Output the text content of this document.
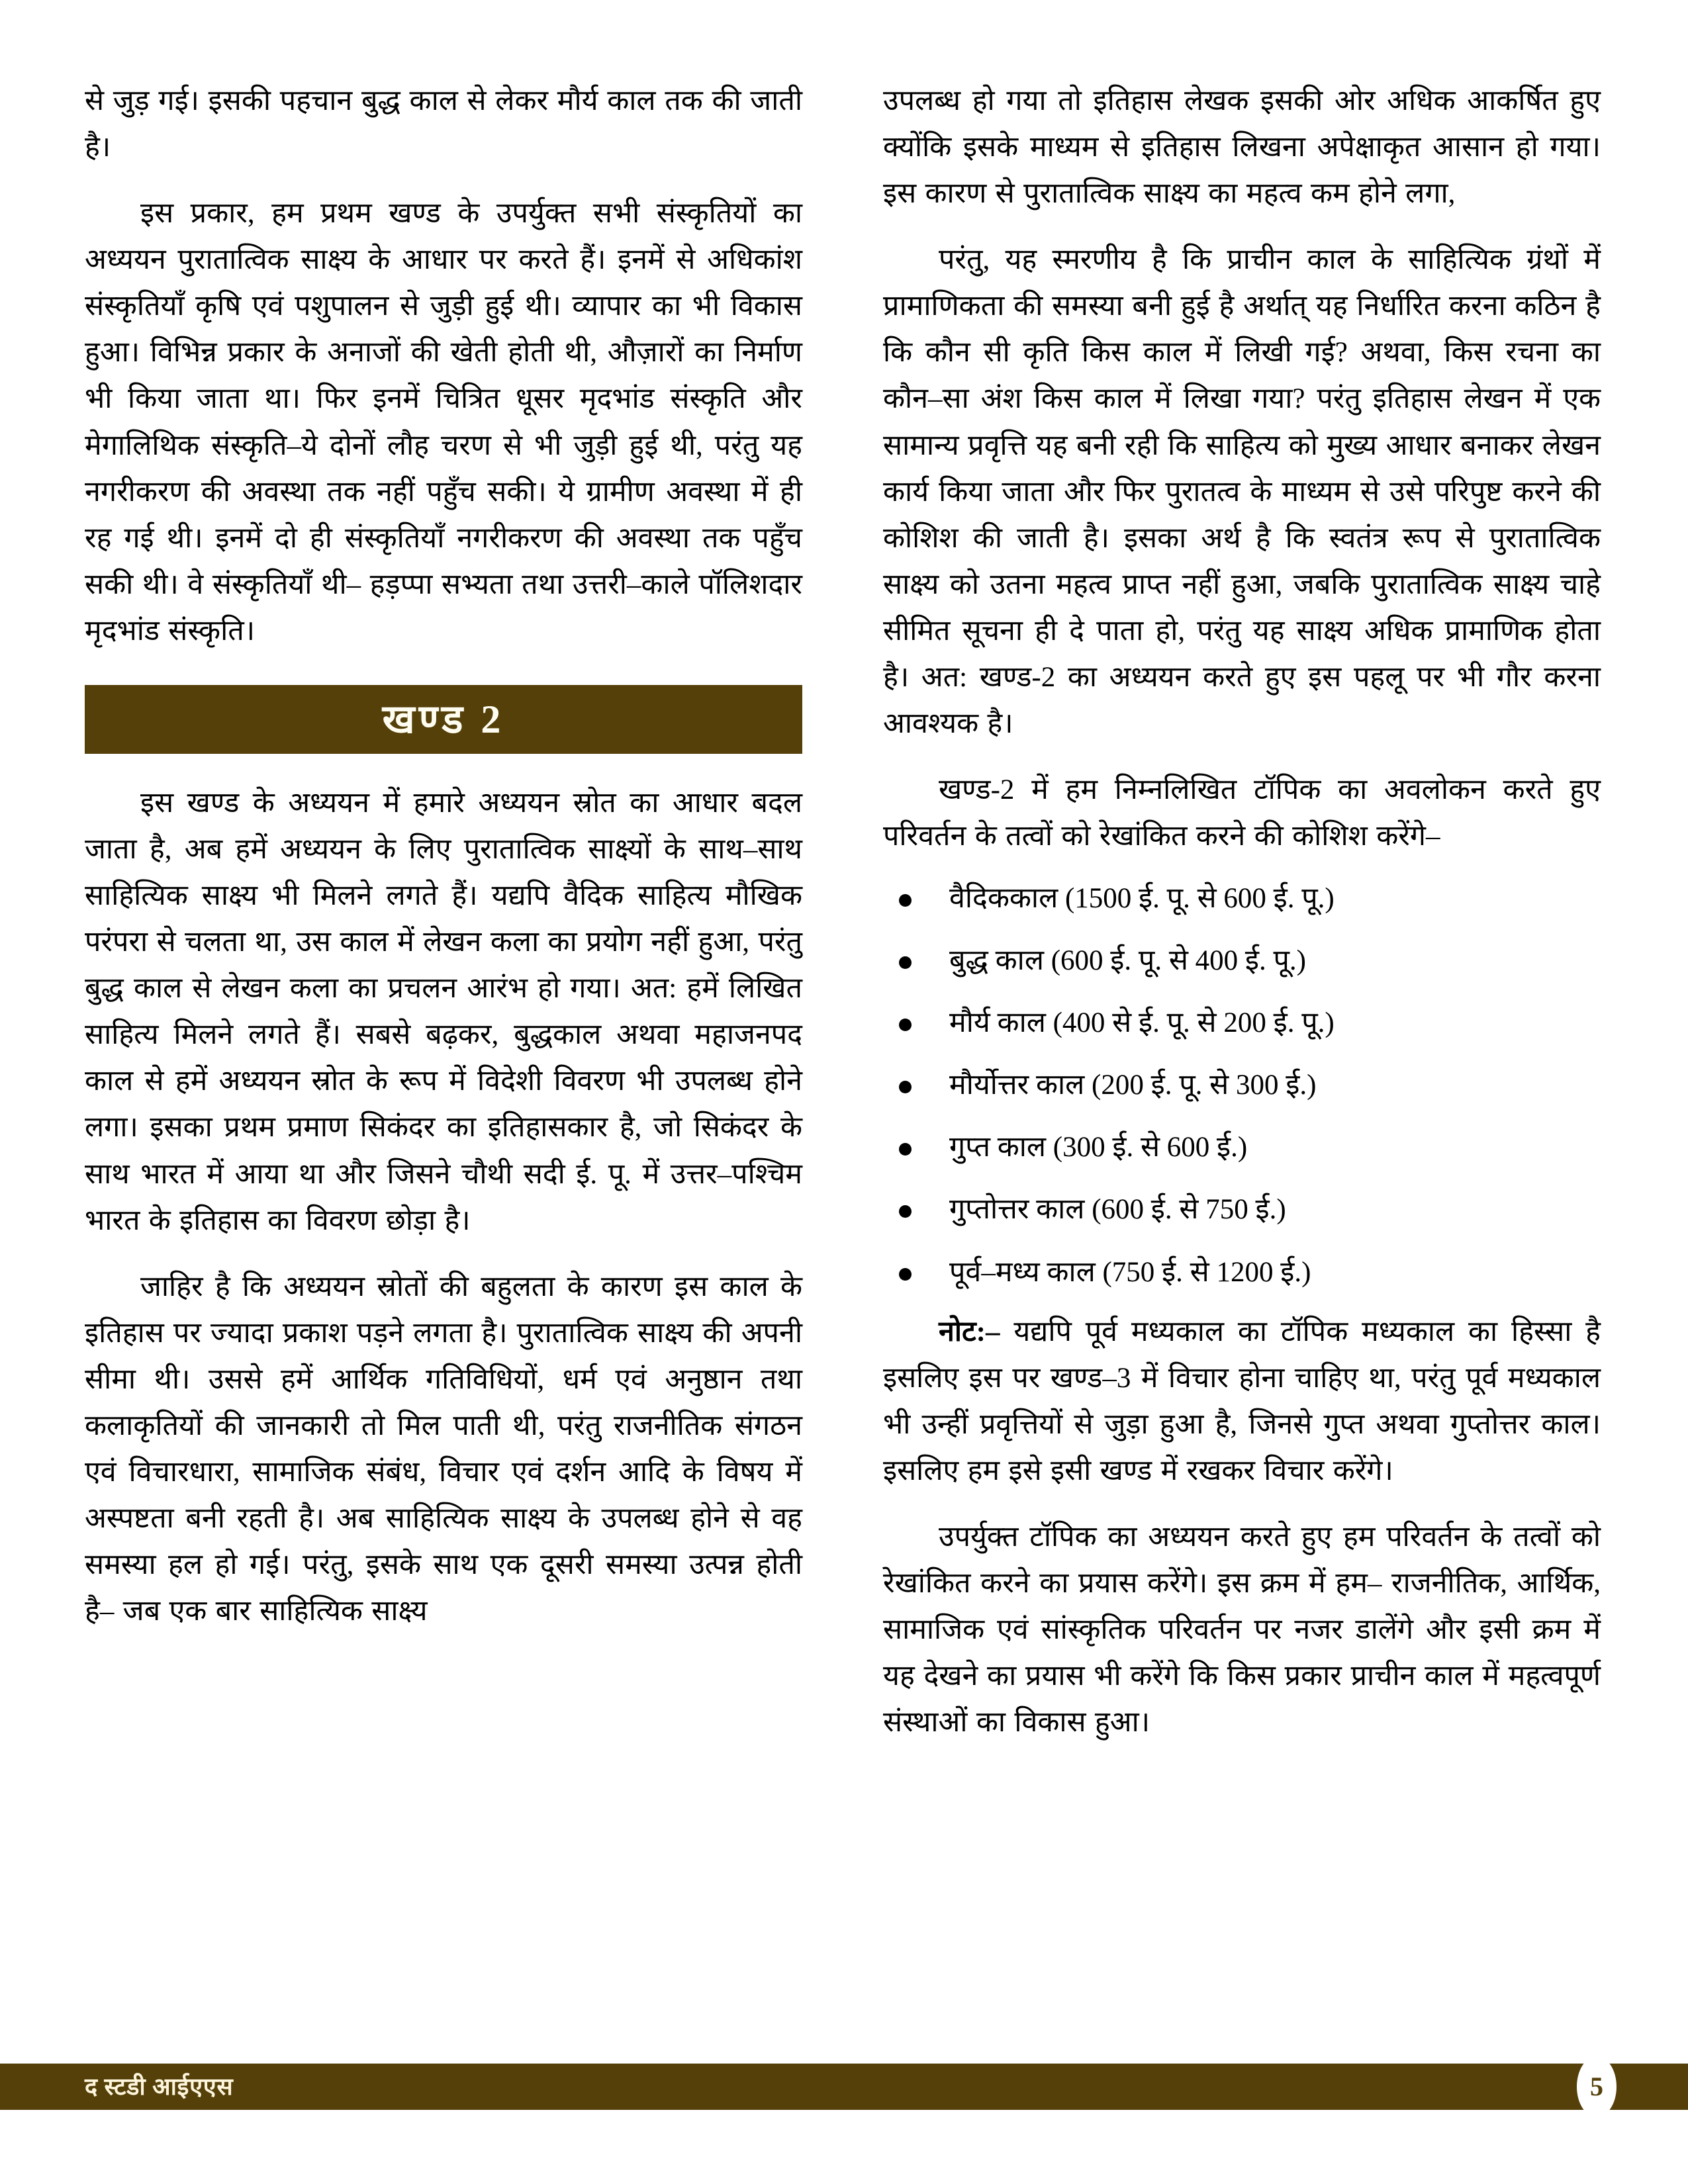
से जुड़ गई। इसकी पहचान बुद्ध काल से लेकर मौर्य काल तक की जाती है।

इस प्रकार, हम प्रथम खण्ड के उपर्युक्त सभी संस्कृतियों का अध्ययन पुरातात्विक साक्ष्य के आधार पर करते हैं। इनमें से अधिकांश संस्कृतियाँ कृषि एवं पशुपालन से जुड़ी हुई थी। व्यापार का भी विकास हुआ। विभिन्न प्रकार के अनाजों की खेती होती थी, औज़ारों का निर्माण भी किया जाता था। फिर इनमें चित्रित धूसर मृदभांड संस्कृति और मेगालिथिक संस्कृति–ये दोनों लौह चरण से भी जुड़ी हुई थी, परंतु यह नगरीकरण की अवस्था तक नहीं पहुँच सकी। ये ग्रामीण अवस्था में ही रह गई थी। इनमें दो ही संस्कृतियाँ नगरीकरण की अवस्था तक पहुँच सकी थी। वे संस्कृतियाँ थी– हड़प्पा सभ्यता तथा उत्तरी–काले पॉलिशदार मृदभांड संस्कृति।

खण्ड 2

इस खण्ड के अध्ययन में हमारे अध्ययन स्रोत का आधार बदल जाता है, अब हमें अध्ययन के लिए पुरातात्विक साक्ष्यों के साथ–साथ साहित्यिक साक्ष्य भी मिलने लगते हैं। यद्यपि वैदिक साहित्य मौखिक परंपरा से चलता था, उस काल में लेखन कला का प्रयोग नहीं हुआ, परंतु बुद्ध काल से लेखन कला का प्रचलन आरंभ हो गया। अत: हमें लिखित साहित्य मिलने लगते हैं। सबसे बढ़कर, बुद्धकाल अथवा महाजनपद काल से हमें अध्ययन स्रोत के रूप में विदेशी विवरण भी उपलब्ध होने लगा। इसका प्रथम प्रमाण सिकंदर का इतिहासकार है, जो सिकंदर के साथ भारत में आया था और जिसने चौथी सदी ई. पू. में उत्तर–पश्चिम भारत के इतिहास का विवरण छोड़ा है।

जाहिर है कि अध्ययन स्रोतों की बहुलता के कारण इस काल के इतिहास पर ज्यादा प्रकाश पड़ने लगता है। पुरातात्विक साक्ष्य की अपनी सीमा थी। उससे हमें आर्थिक गतिविधियों, धर्म एवं अनुष्ठान तथा कलाकृतियों की जानकारी तो मिल पाती थी, परंतु राजनीतिक संगठन एवं विचारधारा, सामाजिक संबंध, विचार एवं दर्शन आदि के विषय में अस्पष्टता बनी रहती है। अब साहित्यिक साक्ष्य के उपलब्ध होने से वह समस्या हल हो गई। परंतु, इसके साथ एक दूसरी समस्या उत्पन्न होती है– जब एक बार साहित्यिक साक्ष्य

उपलब्ध हो गया तो इतिहास लेखक इसकी ओर अधिक आकर्षित हुए क्योंकि इसके माध्यम से इतिहास लिखना अपेक्षाकृत आसान हो गया। इस कारण से पुरातात्विक साक्ष्य का महत्व कम होने लगा,

परंतु, यह स्मरणीय है कि प्राचीन काल के साहित्यिक ग्रंथों में प्रामाणिकता की समस्या बनी हुई है अर्थात् यह निर्धारित करना कठिन है कि कौन सी कृति किस काल में लिखी गई? अथवा, किस रचना का कौन–सा अंश किस काल में लिखा गया? परंतु इतिहास लेखन में एक सामान्य प्रवृत्ति यह बनी रही कि साहित्य को मुख्य आधार बनाकर लेखन कार्य किया जाता और फिर पुरातत्व के माध्यम से उसे परिपुष्ट करने की कोशिश की जाती है। इसका अर्थ है कि स्वतंत्र रूप से पुरातात्विक साक्ष्य को उतना महत्व प्राप्त नहीं हुआ, जबकि पुरातात्विक साक्ष्य चाहे सीमित सूचना ही दे पाता हो, परंतु यह साक्ष्य अधिक प्रामाणिक होता है। अत: खण्ड-2 का अध्ययन करते हुए इस पहलू पर भी गौर करना आवश्यक है।

खण्ड-2 में हम निम्नलिखित टॉपिक का अवलोकन करते हुए परिवर्तन के तत्वों को रेखांकित करने की कोशिश करेंगे–

वैदिककाल (1500 ई. पू. से 600 ई. पू.)
बुद्ध काल (600 ई. पू. से 400 ई. पू.)
मौर्य काल (400 से ई. पू. से 200 ई. पू.)
मौर्योत्तर काल (200 ई. पू. से 300 ई.)
गुप्त काल (300 ई. से 600 ई.)
गुप्तोत्तर काल (600 ई. से 750 ई.)
पूर्व–मध्य काल (750 ई. से 1200 ई.)

नोट:– यद्यपि पूर्व मध्यकाल का टॉपिक मध्यकाल का हिस्सा है इसलिए इस पर खण्ड–3 में विचार होना चाहिए था, परंतु पूर्व मध्यकाल भी उन्हीं प्रवृत्तियों से जुड़ा हुआ है, जिनसे गुप्त अथवा गुप्तोत्तर काल। इसलिए हम इसे इसी खण्ड में रखकर विचार करेंगे।

उपर्युक्त टॉपिक का अध्ययन करते हुए हम परिवर्तन के तत्वों को रेखांकित करने का प्रयास करेंगे। इस क्रम में हम– राजनीतिक, आर्थिक, सामाजिक एवं सांस्कृतिक परिवर्तन पर नजर डालेंगे और इसी क्रम में यह देखने का प्रयास भी करेंगे कि किस प्रकार प्राचीन काल में महत्वपूर्ण संस्थाओं का विकास हुआ।

द स्टडी आईएएस	5
